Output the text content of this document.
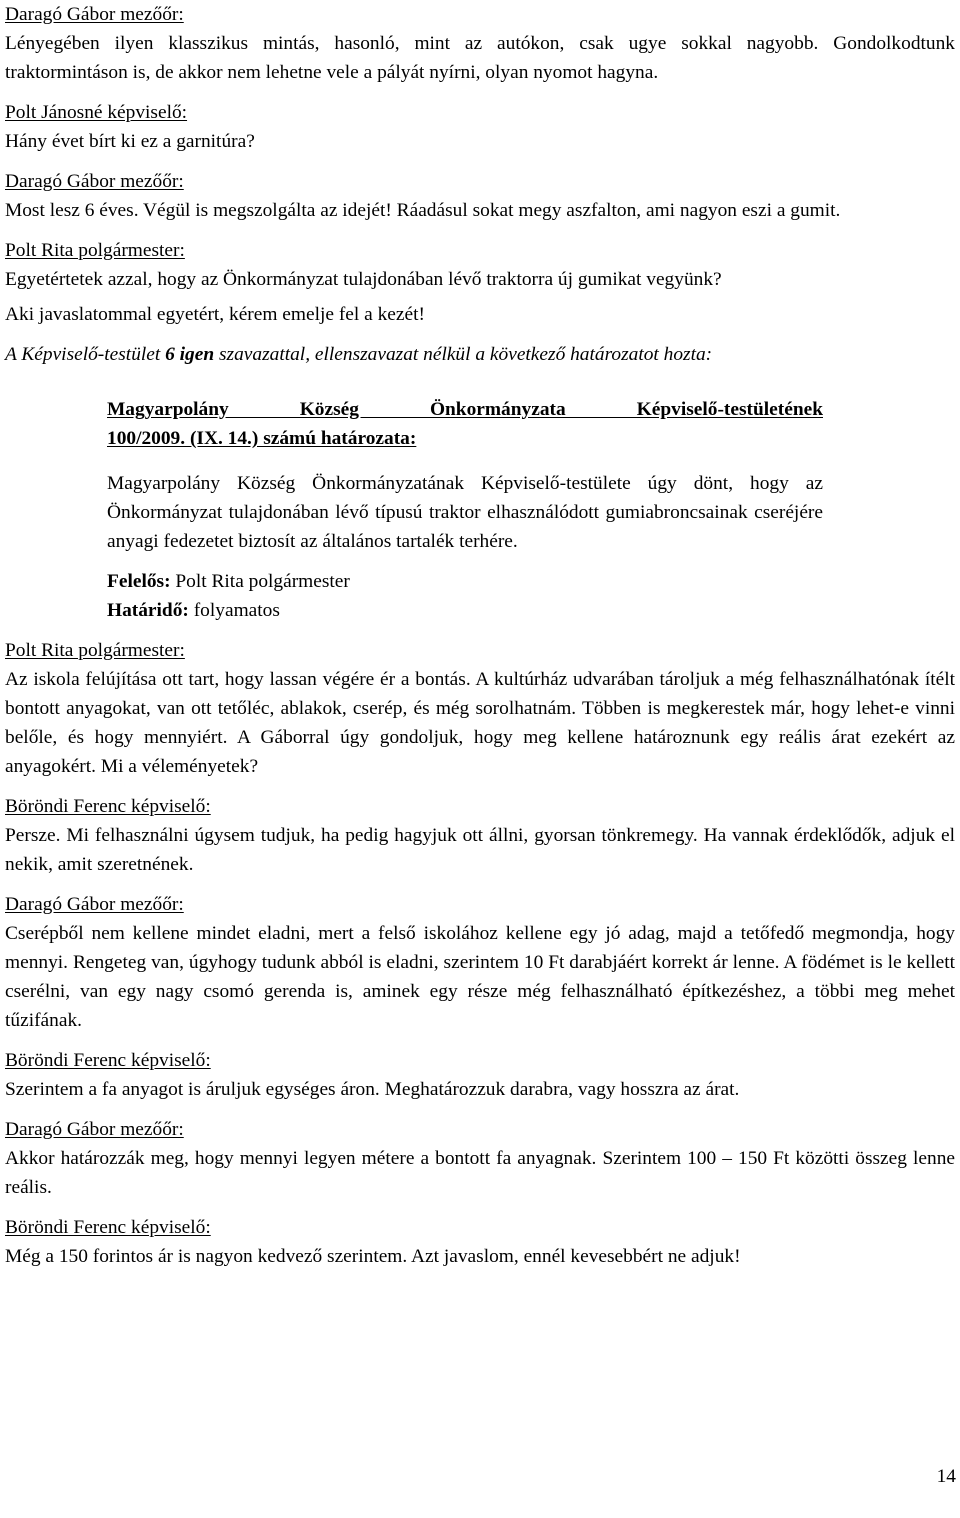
Daragó Gábor mezőőr:
Lényegében ilyen klasszikus mintás, hasonló, mint az autókon, csak ugye sokkal nagyobb. Gondolkodtunk traktormintáson is, de akkor nem lehetne vele a pályát nyírni, olyan nyomot hagyna.
Polt Jánosné képviselő:
Hány évet bírt ki ez a garnitúra?
Daragó Gábor mezőőr:
Most lesz 6 éves. Végül is megszolgálta az idejét! Ráadásul sokat megy aszfalton, ami nagyon eszi a gumit.
Polt Rita polgármester:
Egyetértetek azzal, hogy az Önkormányzat tulajdonában lévő traktorra új gumikat vegyünk?
Aki javaslatommal egyetért, kérem emelje fel a kezét!
A Képviselő-testület 6 igen szavazattal, ellenszavazat nélkül a következő határozatot hozta:
Magyarpolány Község Önkormányzata Képviselő-testületének
100/2009. (IX. 14.) számú határozata:
Magyarpolány Község Önkormányzatának Képviselő-testülete úgy dönt, hogy az Önkormányzat tulajdonában lévő típusú traktor elhasználódott gumiabroncsainak cseréjére anyagi fedezetet biztosít az általános tartalék terhére.
Felelős: Polt Rita polgármester
Határidő: folyamatos
Polt Rita polgármester:
Az iskola felújítása ott tart, hogy lassan végére ér a bontás. A kultúrház udvarában tároljuk a még felhasználhatónak ítélt bontott anyagokat, van ott tetőléc, ablakok, cserép, és még sorolhatnám. Többen is megkerestek már, hogy lehet-e vinni belőle, és hogy mennyiért. A Gáborral úgy gondoljuk, hogy meg kellene határoznunk egy reális árat ezekért az anyagokért. Mi a véleményetek?
Böröndi Ferenc képviselő:
Persze. Mi felhasználni úgysem tudjuk, ha pedig hagyjuk ott állni, gyorsan tönkremegy. Ha vannak érdeklődők, adjuk el nekik, amit szeretnének.
Daragó Gábor mezőőr:
Cserépből nem kellene mindet eladni, mert a felső iskolához kellene egy jó adag, majd a tetőfedő megmondja, hogy mennyi. Rengeteg van, úgyhogy tudunk abból is eladni, szerintem 10 Ft darabjáért korrekt ár lenne. A födémet is le kellett cserélni, van egy nagy csomó gerenda is, aminek egy része még felhasználható építkezéshez, a többi meg mehet tűzifának.
Böröndi Ferenc képviselő:
Szerintem a fa anyagot is áruljuk egységes áron. Meghatározzuk darabra, vagy hosszra az árat.
Daragó Gábor mezőőr:
Akkor határozzák meg, hogy mennyi legyen métere a bontott fa anyagnak. Szerintem 100 – 150 Ft közötti összeg lenne reális.
Böröndi Ferenc képviselő:
Még a 150 forintos ár is nagyon kedvező szerintem. Azt javaslom, ennél kevesebbért ne adjuk!
14
